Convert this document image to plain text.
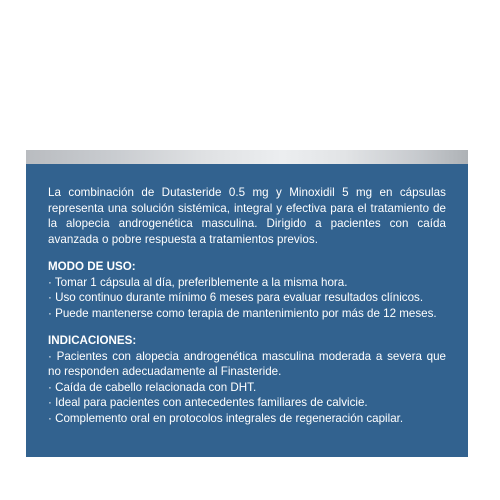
La combinación de Dutasteride 0.5 mg y Minoxidil 5 mg en cápsulas representa una solución sistémica, integral y efectiva para el tratamiento de la alopecia androgenética masculina. Dirigido a pacientes con caída avanzada o pobre respuesta a tratamientos previos.

MODO DE USO:

· Tomar 1 cápsula al día, preferiblemente a la misma hora.
· Uso continuo durante mínimo 6 meses para evaluar resultados clínicos.
· Puede mantenerse como terapia de mantenimiento por más de 12 meses.

INDICACIONES:

· Pacientes con alopecia androgenética masculina moderada a severa que no responden adecuadamente al Finasteride.
· Caída de cabello relacionada con DHT.
· Ideal para pacientes con antecedentes familiares de calvicie.
· Complemento oral en protocolos integrales de regeneración capilar.
